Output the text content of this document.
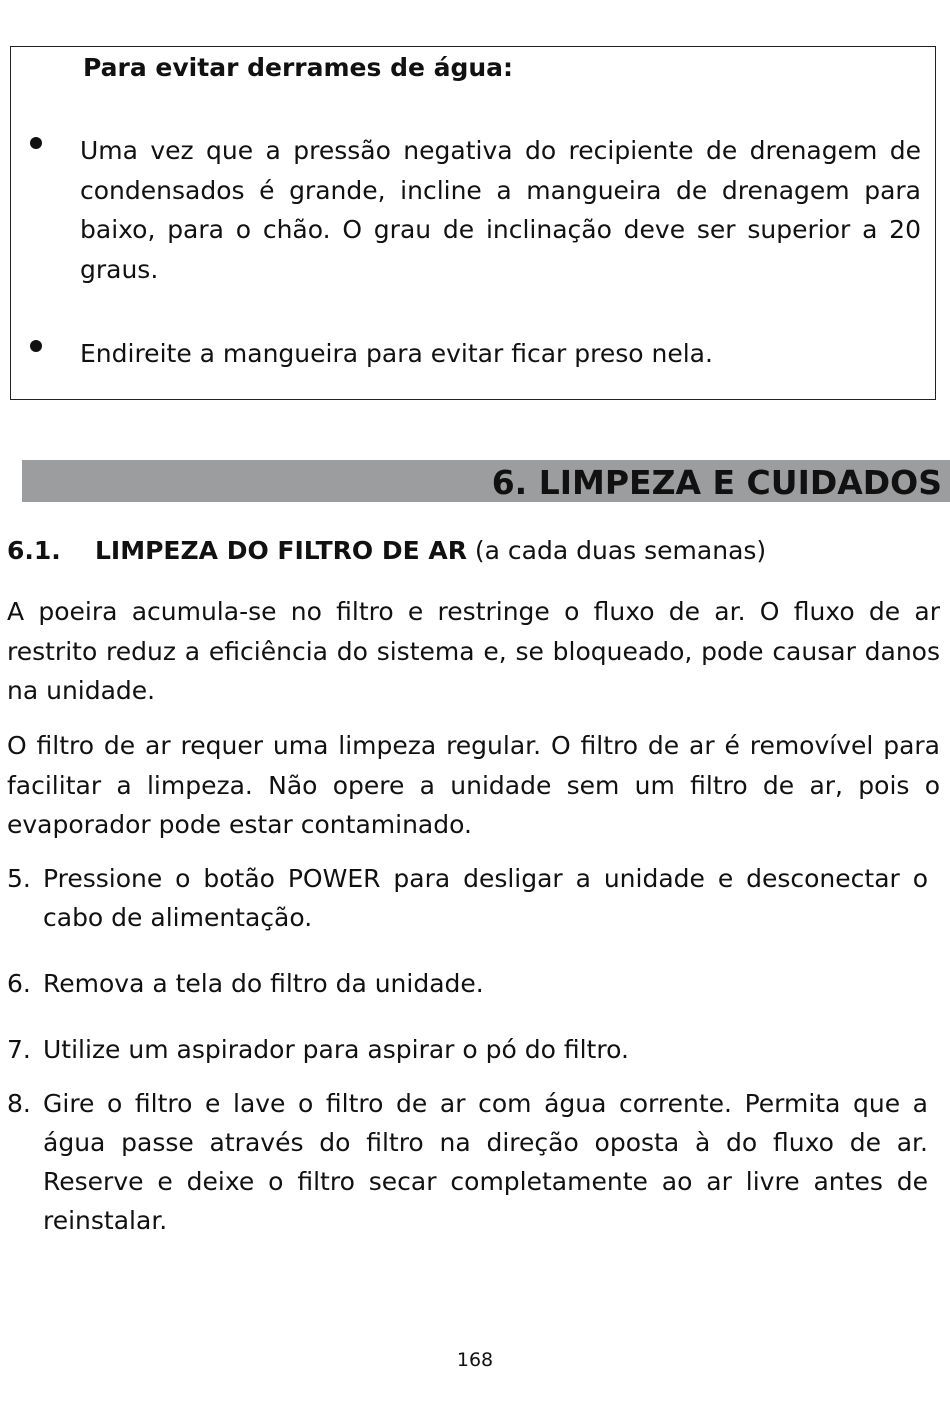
Para evitar derrames de água:
Uma vez que a pressão negativa do recipiente de drenagem de condensados é grande, incline a mangueira de drenagem para baixo, para o chão. O grau de inclinação deve ser superior a 20 graus.
Endireite a mangueira para evitar ficar preso nela.
6. LIMPEZA E CUIDADOS
6.1. LIMPEZA DO FILTRO DE AR (a cada duas semanas)
A poeira acumula-se no filtro e restringe o fluxo de ar. O fluxo de ar restrito reduz a eficiência do sistema e, se bloqueado, pode causar danos na unidade.
O filtro de ar requer uma limpeza regular. O filtro de ar é removível para facilitar a limpeza. Não opere a unidade sem um filtro de ar, pois o evaporador pode estar contaminado.
5. Pressione o botão POWER para desligar a unidade e desconectar o cabo de alimentação.
6. Remova a tela do filtro da unidade.
7. Utilize um aspirador para aspirar o pó do filtro.
8. Gire o filtro e lave o filtro de ar com água corrente. Permita que a água passe através do filtro na direção oposta à do fluxo de ar. Reserve e deixe o filtro secar completamente ao ar livre antes de reinstalar.
168
